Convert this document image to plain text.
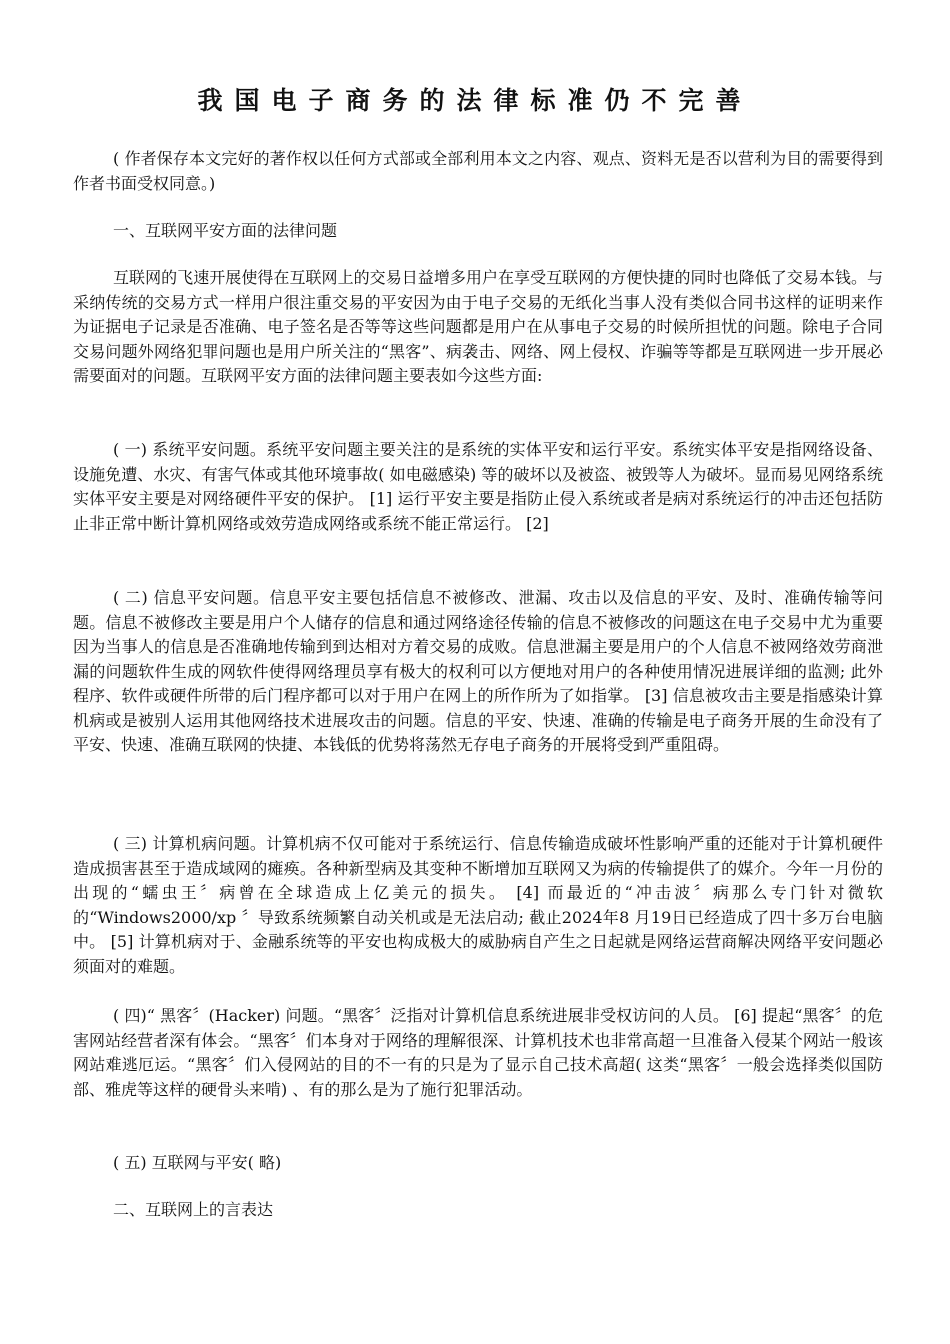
我国电子商务的法律标准仍不完善

( 作者保存本文完好的著作权以任何方式部或全部利用本文之内容、观点、资料无是否以营利为目的需要得到作者书面受权同意。)

一、互联网平安方面的法律问题

互联网的飞速开展使得在互联网上的交易日益增多用户在享受互联网的方便快捷的同时也降低了交易本钱。与采纳传统的交易方式一样用户很注重交易的平安因为由于电子交易的无纸化当事人没有类似合同书这样的证明来作为证据电子记录是否准确、电子签名是否等等这些问题都是用户在从事电子交易的时候所担忧的问题。除电子合同交易问题外网络犯罪问题也是用户所关注的“黑客”、病袭击、网络、网上侵权、诈骗等等都是互联网进一步开展必需要面对的问题。互联网平安方面的法律问题主要表如今这些方面:

( 一) 系统平安问题。系统平安问题主要关注的是系统的实体平安和运行平安。系统实体平安是指网络设备、设施免遭、水灾、有害气体或其他环境事故( 如电磁感染) 等的破坏以及被盗、被毁等人为破坏。显而易见网络系统实体平安主要是对网络硬件平安的保护。 [1] 运行平安主要是指防止侵入系统或者是病对系统运行的冲击还包括防止非正常中断计算机网络或效劳造成网络或系统不能正常运行。 [2]

( 二) 信息平安问题。信息平安主要包括信息不被修改、泄漏、攻击以及信息的平安、及时、准确传输等问题。信息不被修改主要是用户个人储存的信息和通过网络途径传输的信息不被修改的问题这在电子交易中尤为重要因为当事人的信息是否准确地传输到到达相对方着交易的成败。信息泄漏主要是用户的个人信息不被网络效劳商泄漏的问题软件生成的网软件使得网络理员享有极大的权利可以方便地对用户的各种使用情况进展详细的监测; 此外程序、软件或硬件所带的后门程序都可以对于用户在网上的所作所为了如指掌。 [3] 信息被攻击主要是指感染计算机病或是被别人运用其他网络技术进展攻击的问题。信息的平安、快速、准确的传输是电子商务开展的生命没有了平安、快速、准确互联网的快捷、本钱低的优势将荡然无存电子商务的开展将受到严重阻碍。

( 三) 计算机病问题。计算机病不仅可能对于系统运行、信息传输造成破坏性影响严重的还能对于计算机硬件造成损害甚至于造成域网的瘫痪。各种新型病及其变种不断增加互联网又为病的传输提供了的媒介。今年一月份的出现的“蠕虫王〞病曾在全球造成上亿美元的损失。 [4] 而最近的“冲击波〞病那么专门针对微软的“Windows2000/xp 〞导致系统频繁自动关机或是无法启动; 截止2024年8 月19日已经造成了四十多万台电脑中。 [5] 计算机病对于、金融系统等的平安也构成极大的威胁病自产生之日起就是网络运营商解决网络平安问题必须面对的难题。

( 四)“ 黑客〞(Hacker) 问题。“黑客〞泛指对计算机信息系统进展非受权访问的人员。 [6] 提起“黑客〞的危害网站经营者深有体会。“黑客〞们本身对于网络的理解很深、计算机技术也非常高超一旦准备入侵某个网站一般该网站难逃厄运。“黑客〞们入侵网站的目的不一有的只是为了显示自己技术高超( 这类“黑客〞一般会选择类似国防部、雅虎等这样的硬骨头来啃) 、有的那么是为了施行犯罪活动。

( 五) 互联网与平安( 略)

二、互联网上的言表达
